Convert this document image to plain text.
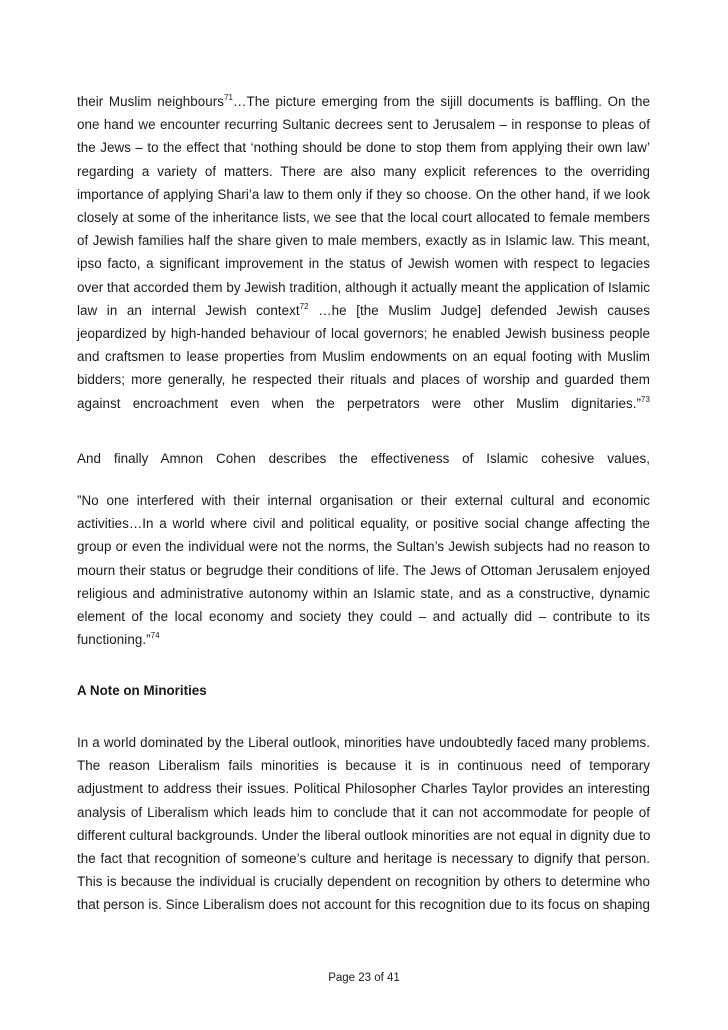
their Muslim neighbours$^{71}$…The picture emerging from the sijill documents is baffling. On the
one hand we encounter recurring Sultanic decrees sent to Jerusalem – in response to pleas of
the Jews – to the effect that ‘nothing should be done to stop them from applying their own law’
regarding a variety of matters. There are also many explicit references to the overriding
importance of applying Shari’a law to them only if they so choose. On the other hand, if we look
closely at some of the inheritance lists, we see that the local court allocated to female members
of Jewish families half the share given to male members, exactly as in Islamic law. This meant,
ipso facto, a significant improvement in the status of Jewish women with respect to legacies
over that accorded them by Jewish tradition, although it actually meant the application of Islamic
law in an internal Jewish context$^{72}$ …he [the Muslim Judge] defended Jewish causes
jeopardized by high-handed behaviour of local governors; he enabled Jewish business people
and craftsmen to lease properties from Muslim endowments on an equal footing with Muslim
bidders; more generally, he respected their rituals and places of worship and guarded them
against encroachment even when the perpetrators were other Muslim dignitaries.”$^{73}$
And finally Amnon Cohen describes the effectiveness of Islamic cohesive values,
”No one interfered with their internal organisation or their external cultural and economic
activities…In a world where civil and political equality, or positive social change affecting the
group or even the individual were not the norms, the Sultan’s Jewish subjects had no reason to
mourn their status or begrudge their conditions of life. The Jews of Ottoman Jerusalem enjoyed
religious and administrative autonomy within an Islamic state, and as a constructive, dynamic
element of the local economy and society they could – and actually did – contribute to its
functioning.”$^{74}$
A Note on Minorities
In a world dominated by the Liberal outlook, minorities have undoubtedly faced many problems.
The reason Liberalism fails minorities is because it is in continuous need of temporary
adjustment to address their issues. Political Philosopher Charles Taylor provides an interesting
analysis of Liberalism which leads him to conclude that it can not accommodate for people of
different cultural backgrounds. Under the liberal outlook minorities are not equal in dignity due to
the fact that recognition of someone’s culture and heritage is necessary to dignify that person.
This is because the individual is crucially dependent on recognition by others to determine who
that person is. Since Liberalism does not account for this recognition due to its focus on shaping
Page 23 of 41
